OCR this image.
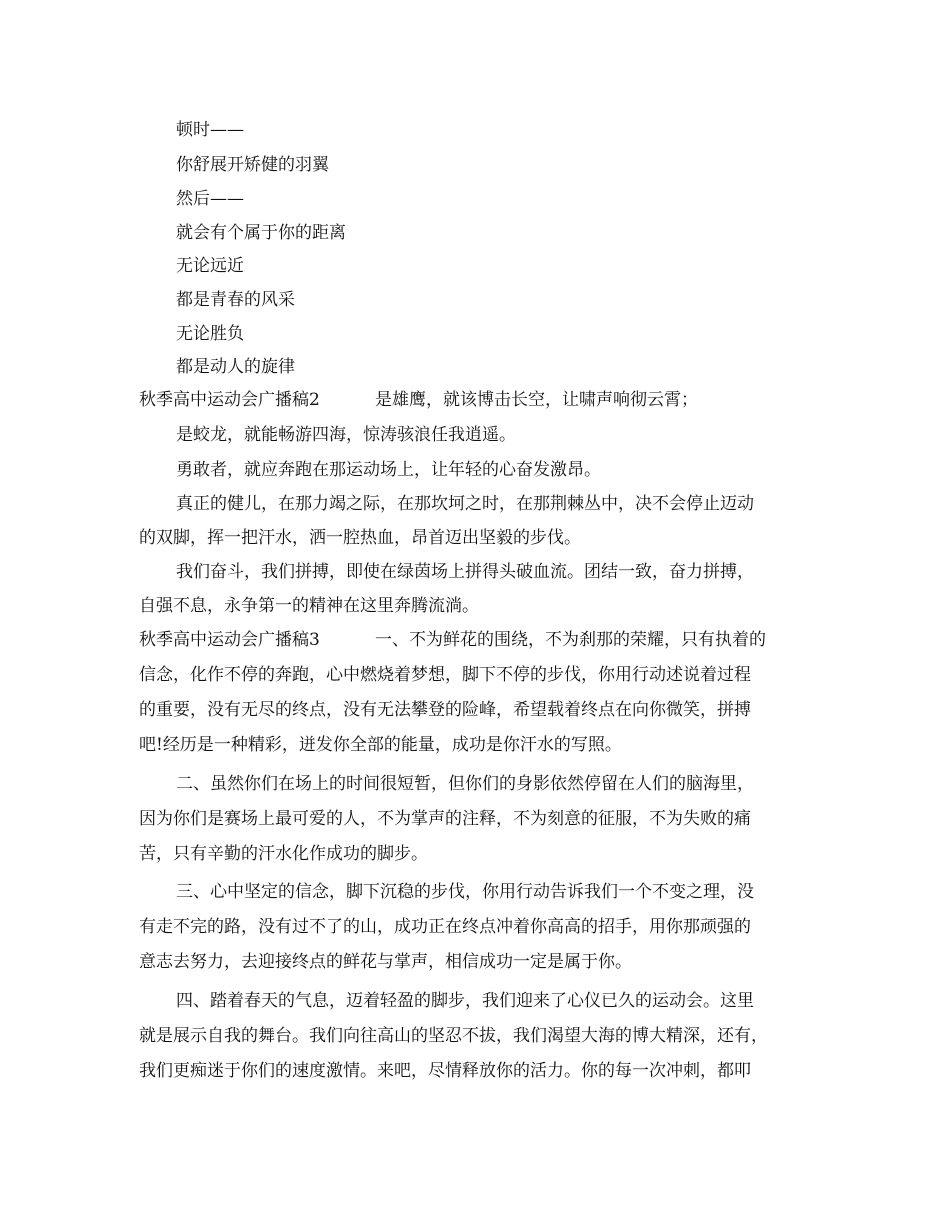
顿时——
你舒展开矫健的羽翼
然后——
就会有个属于你的距离
无论远近
都是青春的风采
无论胜负
都是动人的旋律
秋季高中运动会广播稿2	是雄鹰，就该博击长空，让啸声响彻云霄；
是蛟龙，就能畅游四海，惊涛骇浪任我逍遥。
勇敢者，就应奔跑在那运动场上，让年轻的心奋发激昂。
真正的健儿，在那力竭之际，在那坎坷之时，在那荆棘丛中，决不会停止迈动
的双脚，挥一把汗水，洒一腔热血，昂首迈出坚毅的步伐。
我们奋斗，我们拼搏，即使在绿茵场上拼得头破血流。团结一致，奋力拼搏，
自强不息，永争第一的精神在这里奔腾流淌。
秋季高中运动会广播稿3	一、不为鲜花的围绕，不为刹那的荣耀，只有执着的
信念，化作不停的奔跑，心中燃烧着梦想，脚下不停的步伐，你用行动述说着过程
的重要，没有无尽的终点，没有无法攀登的险峰，希望载着终点在向你微笑，拼搏
吧!经历是一种精彩，迸发你全部的能量，成功是你汗水的写照。
二、虽然你们在场上的时间很短暂，但你们的身影依然停留在人们的脑海里，
因为你们是赛场上最可爱的人，不为掌声的注释，不为刻意的征服，不为失败的痛
苦，只有辛勤的汗水化作成功的脚步。
三、心中坚定的信念，脚下沉稳的步伐，你用行动告诉我们一个不变之理，没
有走不完的路，没有过不了的山，成功正在终点冲着你高高的招手，用你那顽强的
意志去努力，去迎接终点的鲜花与掌声，相信成功一定是属于你。
四、踏着春天的气息，迈着轻盈的脚步，我们迎来了心仪已久的运动会。这里
就是展示自我的舞台。我们向往高山的坚忍不拔，我们渴望大海的博大精深，还有，
我们更痴迷于你们的速度激情。来吧，尽情释放你的活力。你的每一次冲刺，都叩
